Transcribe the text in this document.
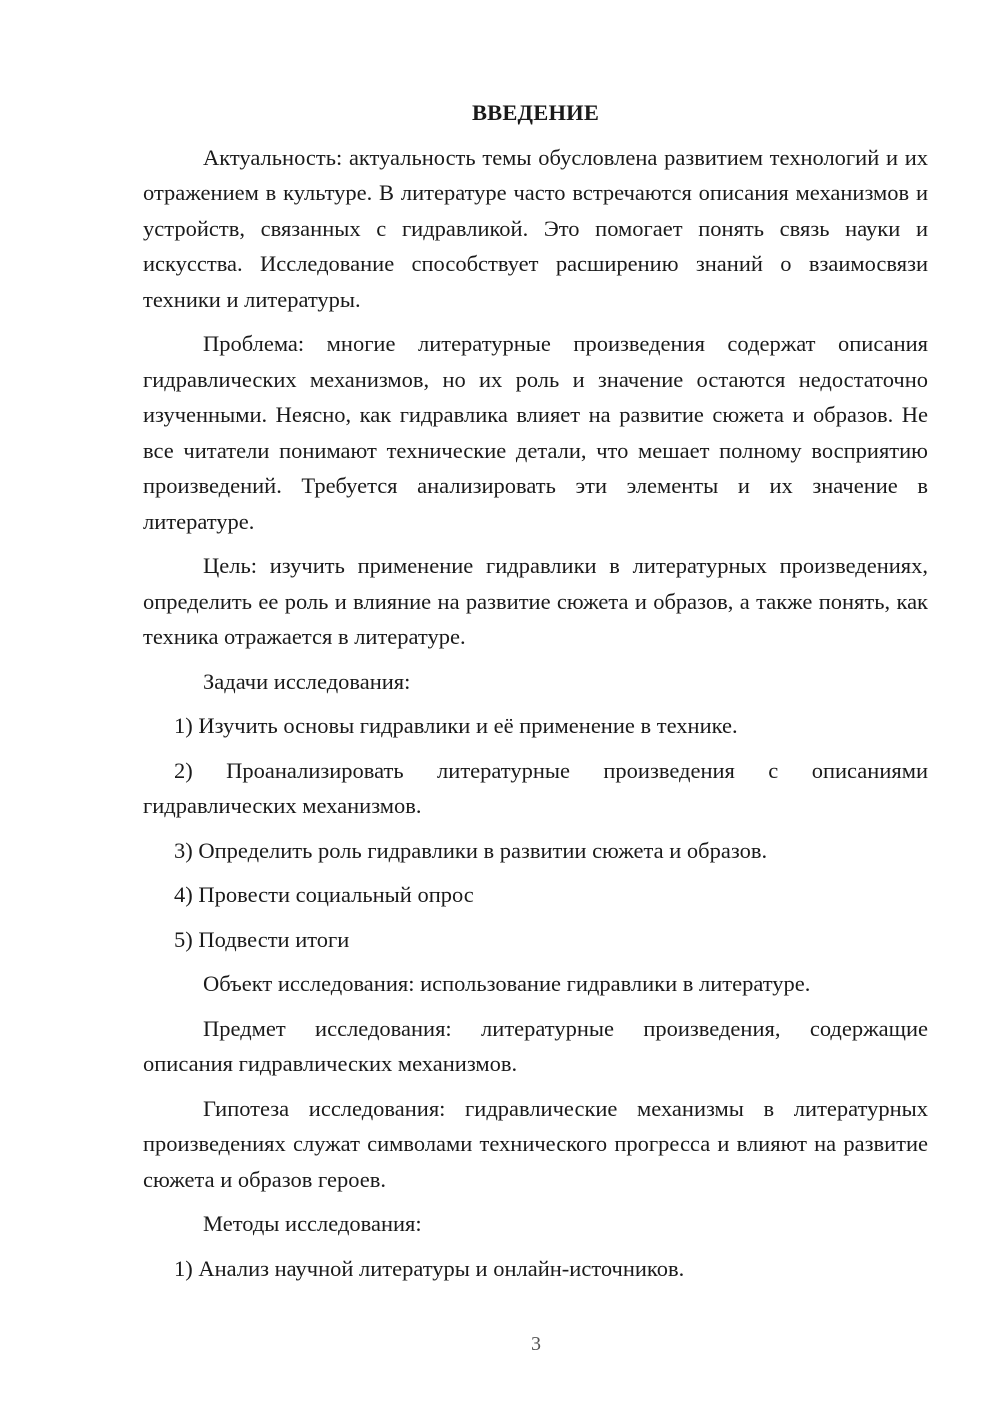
ВВЕДЕНИЕ

Актуальность: актуальность темы обусловлена развитием технологий и их отражением в культуре. В литературе часто встречаются описания механизмов и устройств, связанных с гидравликой. Это помогает понять связь науки и искусства. Исследование способствует расширению знаний о взаимосвязи техники и литературы.

Проблема: многие литературные произведения содержат описания гидравлических механизмов, но их роль и значение остаются недостаточно изученными. Неясно, как гидравлика влияет на развитие сюжета и образов. Не все читатели понимают технические детали, что мешает полному восприятию произведений. Требуется анализировать эти элементы и их значение в литературе.

Цель: изучить применение гидравлики в литературных произведениях, определить ее роль и влияние на развитие сюжета и образов, а также понять, как техника отражается в литературе.

Задачи исследования:

1) Изучить основы гидравлики и её применение в технике.

2) Проанализировать литературные произведения с описаниями гидравлических механизмов.

3) Определить роль гидравлики в развитии сюжета и образов.

4) Провести социальный опрос

5) Подвести итоги

Объект исследования: использование гидравлики в литературе.

Предмет исследования: литературные произведения, содержащие описания гидравлических механизмов.

Гипотеза исследования: гидравлические механизмы в литературных произведениях служат символами технического прогресса и влияют на развитие сюжета и образов героев.

Методы исследования:

1) Анализ научной литературы и онлайн-источников.

3
